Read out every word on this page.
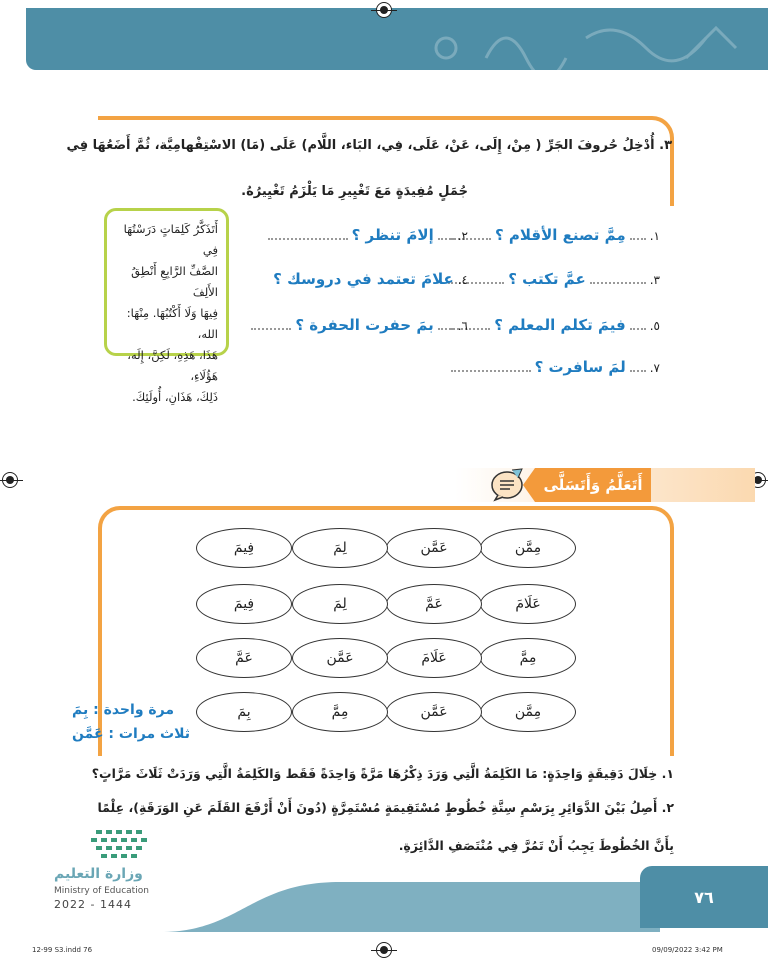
٣. أُدْخِلُ حُروفَ الجَرِّ ( مِنْ، إِلَى، عَنْ، عَلَى، فِي، البَاء، اللَّام) عَلَى (مَا) الاسْتِفْهامِيَّة، ثُمَّ أَضَعُهَا فِي
جُمَلٍ مُفِيدَةٍ مَعَ تَغْيِيرِ مَا يَلْزَمُ تَغْيِيرُهُ.
١.
مِمَّ تصنع الأقلام ؟
٢.
إلامَ تنظر ؟
٣.
عمَّ تكتب ؟
٤.
علامَ تعتمد في دروسك ؟
٥.
فيمَ تكلم المعلم ؟
٦.
بمَ حفرت الحفرة ؟
٧.
لمَ سافرت ؟
أَتَذَكَّرُ كَلِمَاتٍ دَرَسْتُهَا فِي
الصَّفِّ الرَّابِعِ أَنْطِقُ الأَلِفَ
فِيهَا وَلَا أَكْتُبُهَا. مِنْهَا: الله،
هَذَا، هَذِهِ، لَكِنَّ، إِلَه، هَؤُلَاءِ،
ذَلِكَ، هَذَانِ، أُولَئِكَ.
أَتَعَلَّمُ وَأَتَسَلَّى
مِمَّن
عَمَّن
لِمَ
فِيمَ
عَلَامَ
عَمَّ
لِمَ
فِيمَ
مِمَّ
عَلَامَ
عَمَّن
عَمَّ
مِمَّن
عَمَّن
مِمَّ
بِمَ
مرة واحدة : بِمَ
ثلاث مرات : عَمَّن
١. خِلَالَ دَقِيقَةٍ وَاحِدَةٍ: مَا الكَلِمَةُ الَّتِي وَرَدَ ذِكْرُهَا مَرَّةً وَاحِدَةً فَقَط وَالكَلِمَةُ الَّتِي وَرَدَتْ ثَلَاثَ مَرَّاتٍ؟
٢. أَصِلُ بَيْنَ الدَّوَائِرِ بِرَسْمِ سِتَّةِ خُطُوطٍ مُسْتَقِيمَةٍ مُسْتَمِرَّةٍ (دُونَ أَنْ أَرْفَعَ القَلَمَ عَنِ الوَرَقَةِ)، عِلْمًا
بِأَنَّ الخُطُوطَ يَجِبُ أَنْ تَمُرَّ فِي مُنْتَصَفِ الدَّائِرَةِ.
وزارة التعليم
Ministry of Education
2022 - 1444	٧٦
12-99 S3.indd 76	09/09/2022 3:42 PM
